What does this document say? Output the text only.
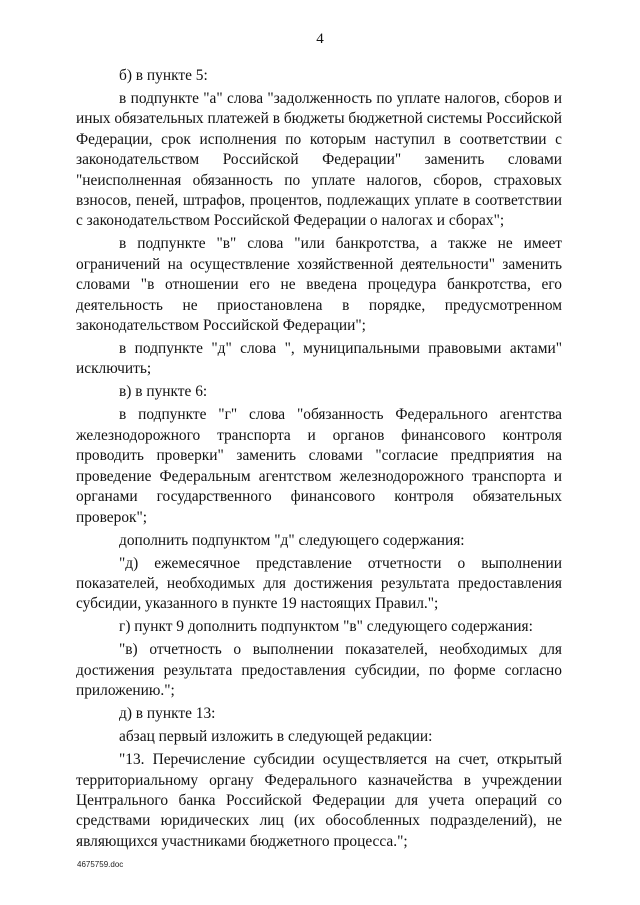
4

б) в пункте 5:

в подпункте "а" слова "задолженность по уплате налогов, сборов и иных обязательных платежей в бюджеты бюджетной системы Российской Федерации, срок исполнения по которым наступил в соответствии с законодательством Российской Федерации" заменить словами "неисполненная обязанность по уплате налогов, сборов, страховых взносов, пеней, штрафов, процентов, подлежащих уплате в соответствии с законодательством Российской Федерации о налогах и сборах";

в подпункте "в" слова "или банкротства, а также не имеет ограничений на осуществление хозяйственной деятельности" заменить словами "в отношении его не введена процедура банкротства, его деятельность не приостановлена в порядке, предусмотренном законодательством Российской Федерации";

в подпункте "д" слова ", муниципальными правовыми актами" исключить;

в) в пункте 6:

в подпункте "г" слова "обязанность Федерального агентства железнодорожного транспорта и органов финансового контроля проводить проверки" заменить словами "согласие предприятия на проведение Федеральным агентством железнодорожного транспорта и органами государственного финансового контроля обязательных проверок";

дополнить подпунктом "д" следующего содержания:

"д) ежемесячное представление отчетности о выполнении показателей, необходимых для достижения результата предоставления субсидии, указанного в пункте 19 настоящих Правил.";

г) пункт 9 дополнить подпунктом "в" следующего содержания:

"в) отчетность о выполнении показателей, необходимых для достижения результата предоставления субсидии, по форме согласно приложению.";

д) в пункте 13:

абзац первый изложить в следующей редакции:

"13. Перечисление субсидии осуществляется на счет, открытый территориальному органу Федерального казначейства в учреждении Центрального банка Российской Федерации для учета операций со средствами юридических лиц (их обособленных подразделений), не являющихся участниками бюджетного процесса.";

4675759.doc
